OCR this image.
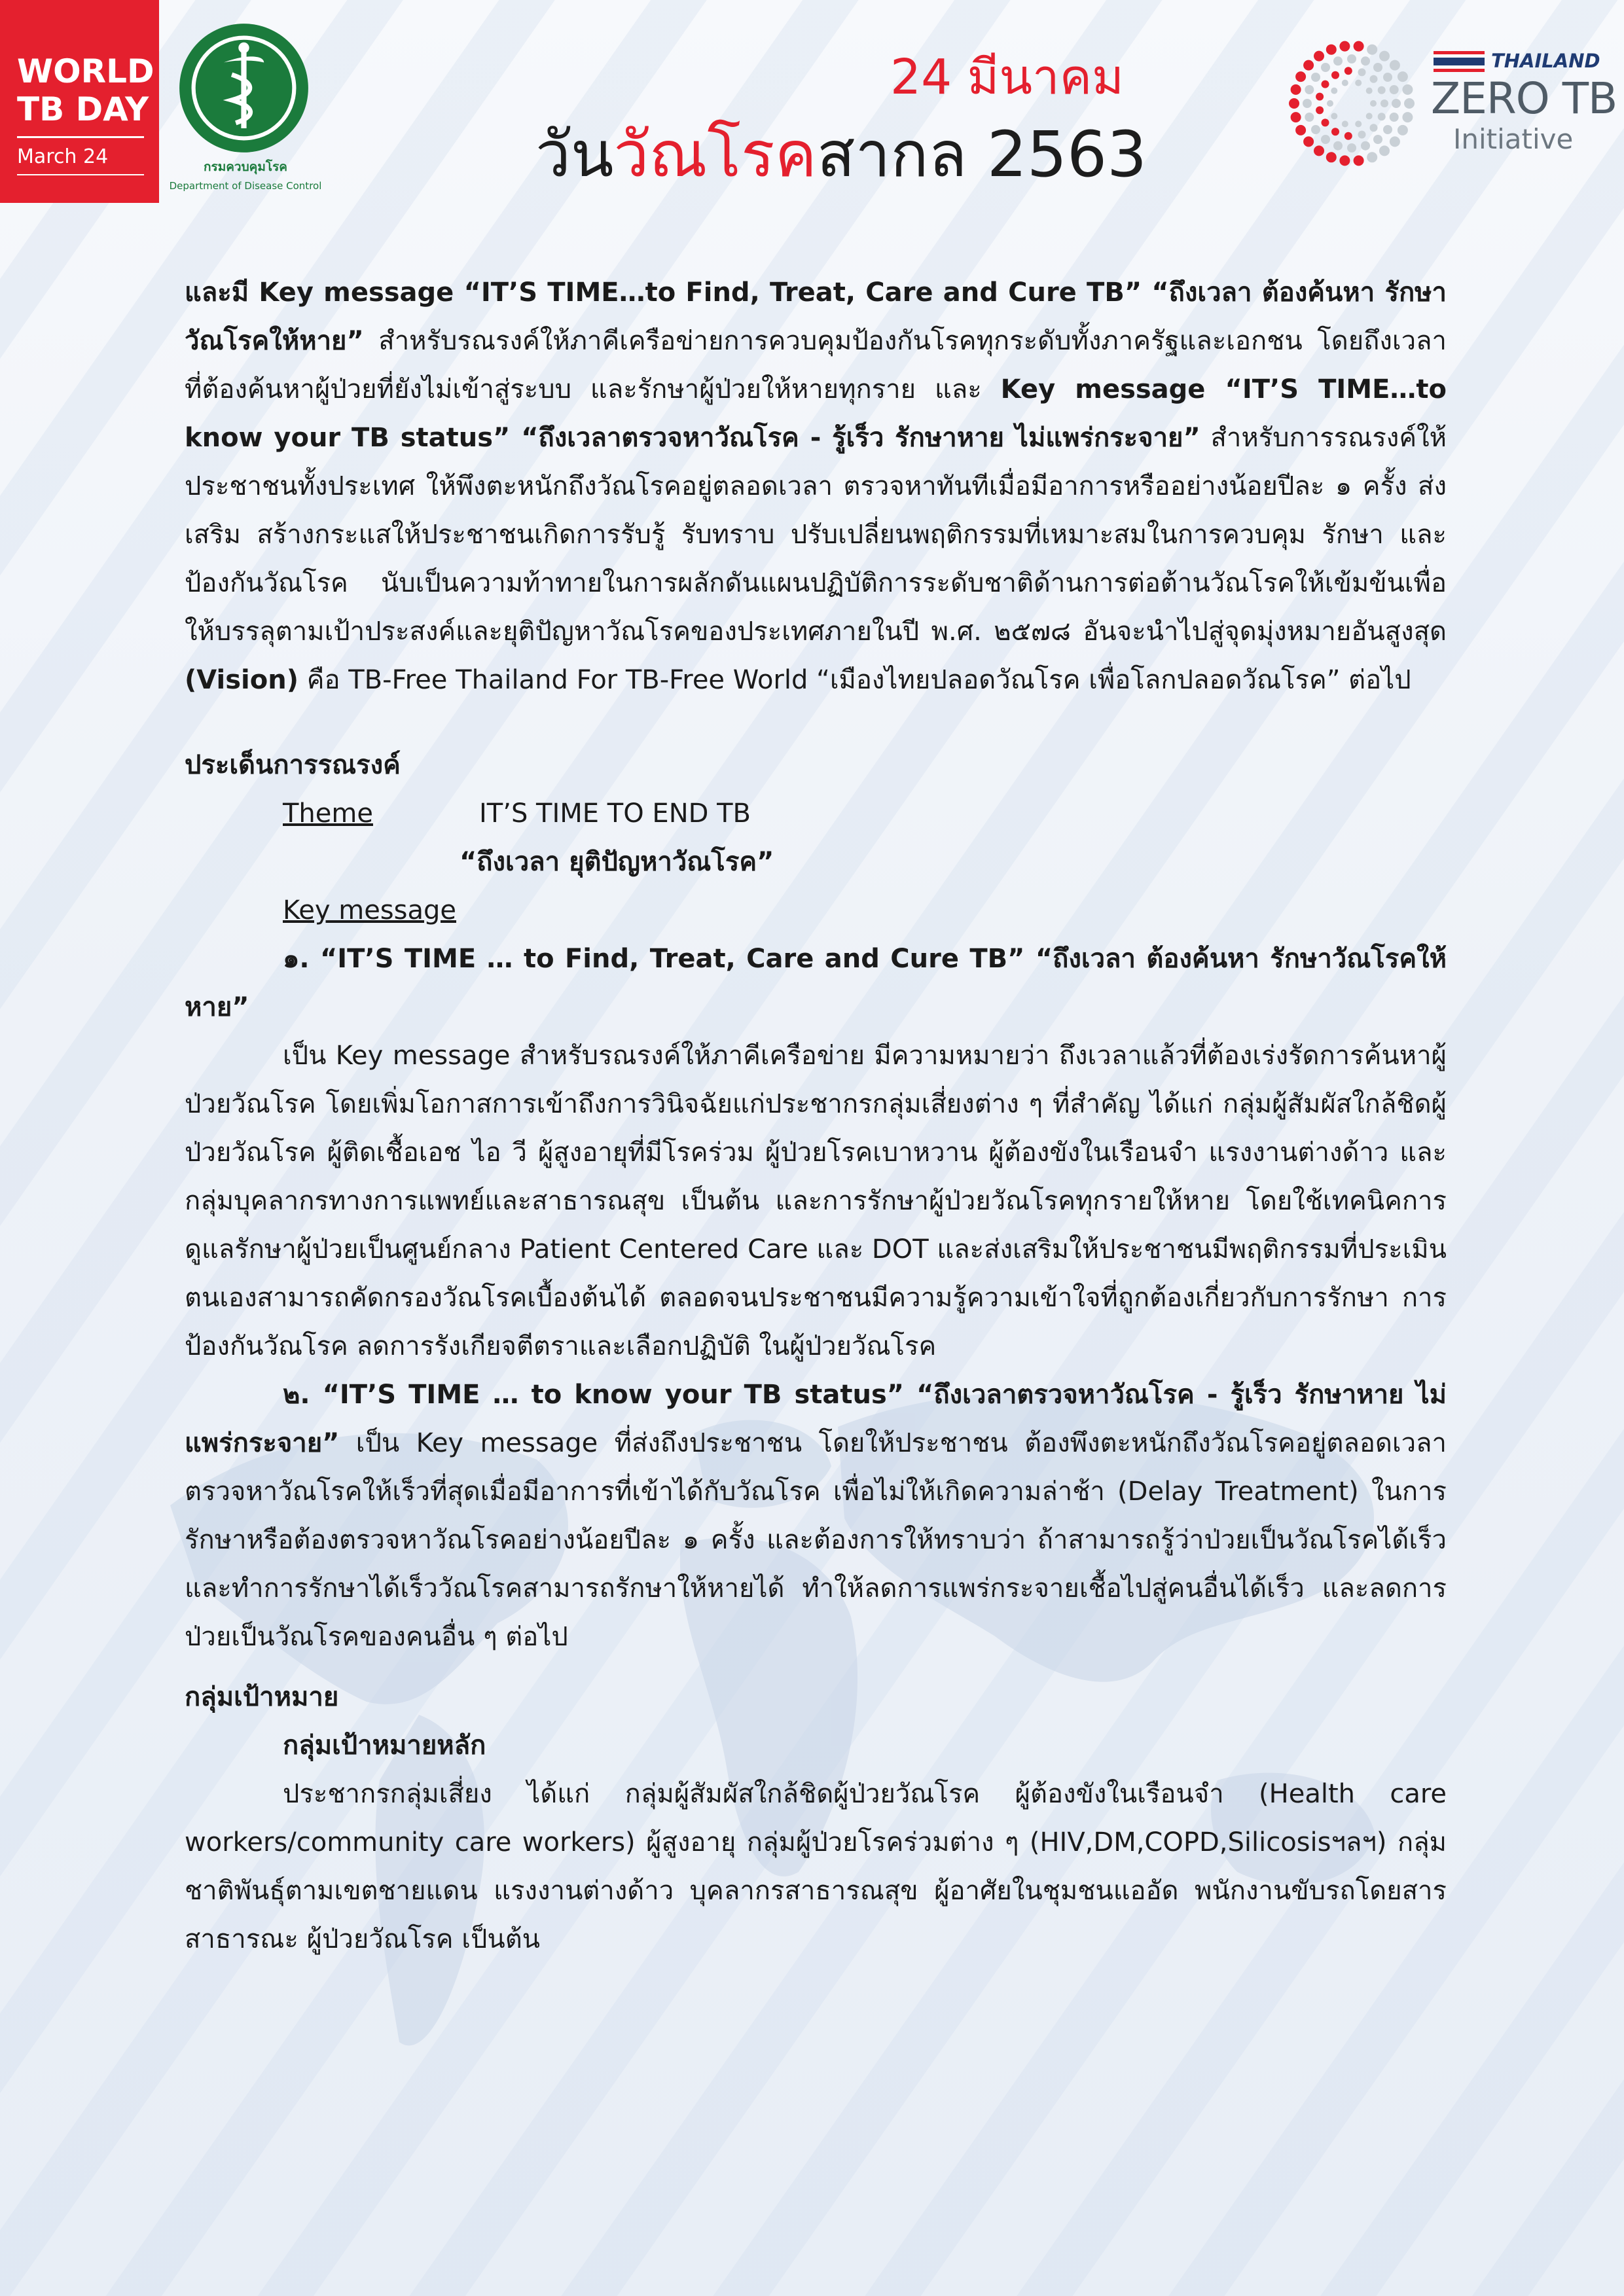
WORLD
TB DAY
March 24	กรมควบคุมโรค
Department of Disease Control
24 มีนาคม
วันวัณโรคสากล 2563
THAILAND
ZERO TB
Initiative

และมี Key message “IT’S TIME…to Find, Treat, Care and Cure TB” “ถึงเวลา ต้องค้นหา รักษาวัณโรคให้หาย” สำหรับรณรงค์ให้ภาคีเครือข่ายการควบคุมป้องกันโรคทุกระดับทั้งภาครัฐและเอกชน โดยถึงเวลาที่ต้องค้นหาผู้ป่วยที่ยังไม่เข้าสู่ระบบ และรักษาผู้ป่วยให้หายทุกราย และ Key message “IT’S TIME…to know your TB status” “ถึงเวลาตรวจหาวัณโรค - รู้เร็ว รักษาหาย ไม่แพร่กระจาย” สำหรับการรณรงค์ให้ประชาชนทั้งประเทศ ให้พึงตะหนักถึงวัณโรคอยู่ตลอดเวลา ตรวจหาทันทีเมื่อมีอาการหรืออย่างน้อยปีละ ๑ ครั้ง ส่งเสริม สร้างกระแสให้ประชาชนเกิดการรับรู้ รับทราบ ปรับเปลี่ยนพฤติกรรมที่เหมาะสมในการควบคุม รักษา และป้องกันวัณโรค นับเป็นความท้าทายในการผลักดันแผนปฏิบัติการระดับชาติด้านการต่อต้านวัณโรคให้เข้มข้นเพื่อให้บรรลุตามเป้าประสงค์และยุติปัญหาวัณโรคของประเทศภายในปี พ.ศ. ๒๕๗๘ อันจะนำไปสู่จุดมุ่งหมายอันสูงสุด (Vision) คือ TB-Free Thailand For TB-Free World “เมืองไทยปลอดวัณโรค เพื่อโลกปลอดวัณโรค” ต่อไป

ประเด็นการรณรงค์

Theme	IT’S TIME TO END TB

“ถึงเวลา ยุติปัญหาวัณโรค”

Key message

๑. “IT’S TIME … to Find, Treat, Care and Cure TB” “ถึงเวลา ต้องค้นหา รักษาวัณโรคให้หาย”

เป็น Key message สำหรับรณรงค์ให้ภาคีเครือข่าย มีความหมายว่า ถึงเวลาแล้วที่ต้องเร่งรัดการค้นหาผู้ป่วยวัณโรค โดยเพิ่มโอกาสการเข้าถึงการวินิจฉัยแก่ประชากรกลุ่มเสี่ยงต่าง ๆ ที่สำคัญ ได้แก่ กลุ่มผู้สัมผัสใกล้ชิดผู้ป่วยวัณโรค ผู้ติดเชื้อเอช ไอ วี ผู้สูงอายุที่มีโรคร่วม ผู้ป่วยโรคเบาหวาน ผู้ต้องขังในเรือนจำ แรงงานต่างด้าว และกลุ่มบุคลากรทางการแพทย์และสาธารณสุข เป็นต้น และการรักษาผู้ป่วยวัณโรคทุกรายให้หาย โดยใช้เทคนิคการดูแลรักษาผู้ป่วยเป็นศูนย์กลาง Patient Centered Care และ DOT และส่งเสริมให้ประชาชนมีพฤติกรรมที่ประเมินตนเองสามารถคัดกรองวัณโรคเบื้องต้นได้ ตลอดจนประชาชนมีความรู้ความเข้าใจที่ถูกต้องเกี่ยวกับการรักษา การป้องกันวัณโรค ลดการรังเกียจตีตราและเลือกปฏิบัติ ในผู้ป่วยวัณโรค

๒. “IT’S TIME … to know your TB status” “ถึงเวลาตรวจหาวัณโรค - รู้เร็ว รักษาหาย ไม่แพร่กระจาย” เป็น Key message ที่ส่งถึงประชาชน โดยให้ประชาชน ต้องพึงตะหนักถึงวัณโรคอยู่ตลอดเวลา ตรวจหาวัณโรคให้เร็วที่สุดเมื่อมีอาการที่เข้าได้กับวัณโรค เพื่อไม่ให้เกิดความล่าช้า (Delay Treatment) ในการรักษาหรือต้องตรวจหาวัณโรคอย่างน้อยปีละ ๑ ครั้ง และต้องการให้ทราบว่า ถ้าสามารถรู้ว่าป่วยเป็นวัณโรคได้เร็ว และทำการรักษาได้เร็ววัณโรคสามารถรักษาให้หายได้ ทำให้ลดการแพร่กระจายเชื้อไปสู่คนอื่นได้เร็ว และลดการป่วยเป็นวัณโรคของคนอื่น ๆ ต่อไป

กลุ่มเป้าหมาย

กลุ่มเป้าหมายหลัก

ประชากรกลุ่มเสี่ยง ได้แก่ กลุ่มผู้สัมผัสใกล้ชิดผู้ป่วยวัณโรค ผู้ต้องขังในเรือนจำ (Health care workers/community care workers) ผู้สูงอายุ กลุ่มผู้ป่วยโรคร่วมต่าง ๆ (HIV,DM,COPD,Silicosisฯลฯ) กลุ่มชาติพันธุ์ตามเขตชายแดน แรงงานต่างด้าว บุคลากรสาธารณสุข ผู้อาศัยในชุมชนแออัด พนักงานขับรถโดยสารสาธารณะ ผู้ป่วยวัณโรค เป็นต้น
